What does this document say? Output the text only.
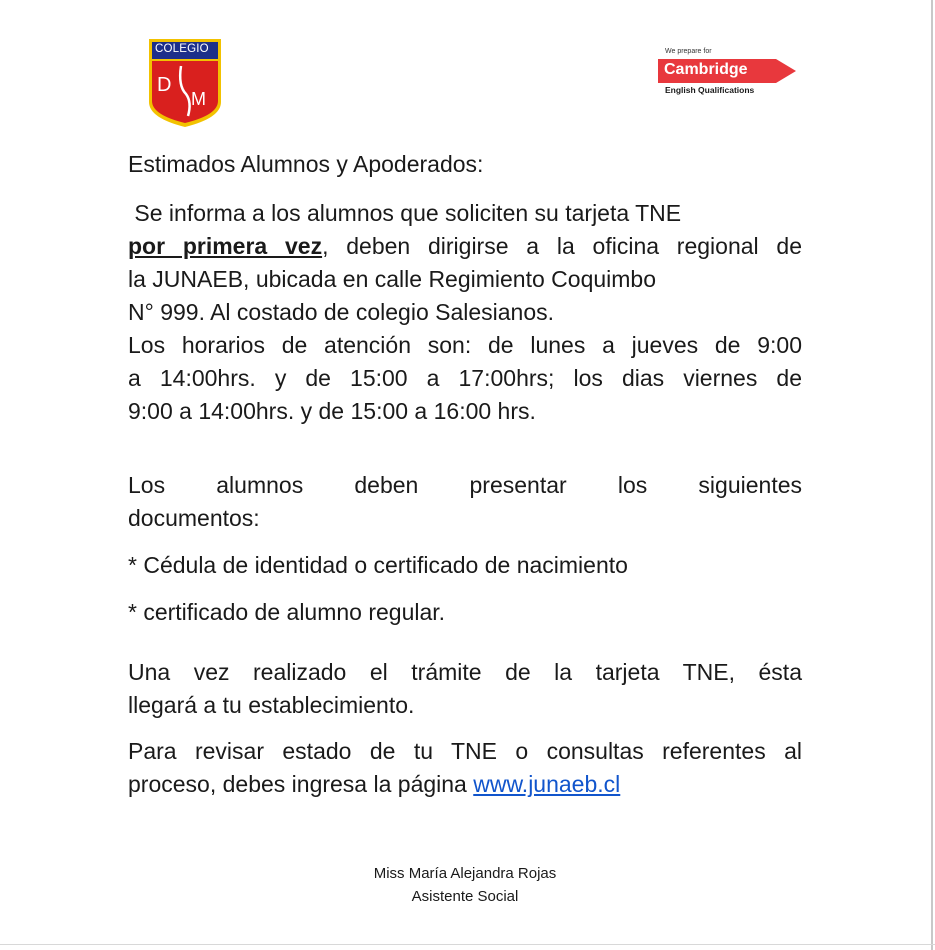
COLEGIO
D
M
We prepare for
Cambridge
English Qualifications
Estimados Alumnos y Apoderados:
Se informa a los alumnos que soliciten su tarjeta TNE
por primera vez, deben dirigirse a la oficina regional de
la JUNAEB, ubicada en calle Regimiento Coquimbo
N° 999. Al costado de colegio Salesianos.
Los horarios de atención son: de lunes a jueves de 9:00
a 14:00hrs. y de 15:00 a 17:00hrs; los dias viernes de
9:00 a 14:00hrs. y de 15:00 a 16:00 hrs.
Los alumnos deben presentar los siguientes
documentos:
* Cédula de identidad o certificado de nacimiento
* certificado de alumno regular.
Una vez realizado el trámite de la tarjeta TNE, ésta
llegará a tu establecimiento.
Para revisar estado de tu TNE o consultas referentes al
proceso, debes ingresa la página www.junaeb.cl
Miss María Alejandra Rojas
Asistente Social
